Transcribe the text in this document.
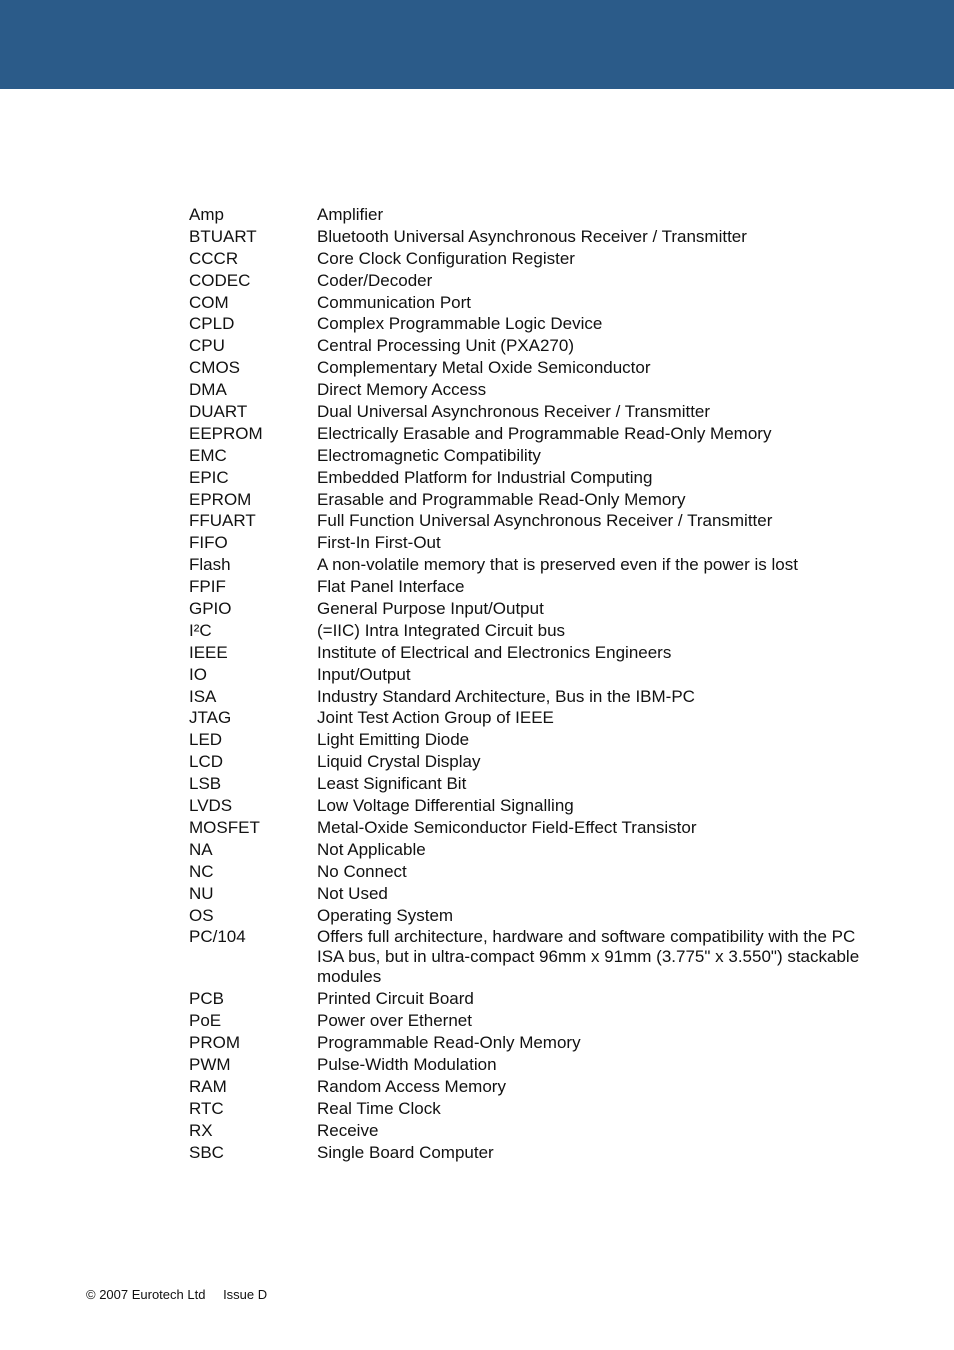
Amp	Amplifier
BTUART	Bluetooth Universal Asynchronous Receiver / Transmitter
CCCR	Core Clock Configuration Register
CODEC	Coder/Decoder
COM	Communication Port
CPLD	Complex Programmable Logic Device
CPU	Central Processing Unit (PXA270)
CMOS	Complementary Metal Oxide Semiconductor
DMA	Direct Memory Access
DUART	Dual Universal Asynchronous Receiver / Transmitter
EEPROM	Electrically Erasable and Programmable Read-Only Memory
EMC	Electromagnetic Compatibility
EPIC	Embedded Platform for Industrial Computing
EPROM	Erasable and Programmable Read-Only Memory
FFUART	Full Function Universal Asynchronous Receiver / Transmitter
FIFO	First-In First-Out
Flash	A non-volatile memory that is preserved even if the power is lost
FPIF	Flat Panel Interface
GPIO	General Purpose Input/Output
I²C	(=IIC) Intra Integrated Circuit bus
IEEE	Institute of Electrical and Electronics Engineers
IO	Input/Output
ISA	Industry Standard Architecture, Bus in the IBM-PC
JTAG	Joint Test Action Group of IEEE
LED	Light Emitting Diode
LCD	Liquid Crystal Display
LSB	Least Significant Bit
LVDS	Low Voltage Differential Signalling
MOSFET	Metal-Oxide Semiconductor Field-Effect Transistor
NA	Not Applicable
NC	No Connect
NU	Not Used
OS	Operating System
PC/104	Offers full architecture, hardware and software compatibility with the PC ISA bus, but in ultra-compact 96mm x 91mm (3.775" x 3.550") stackable modules
PCB	Printed Circuit Board
PoE	Power over Ethernet
PROM	Programmable Read-Only Memory
PWM	Pulse-Width Modulation
RAM	Random Access Memory
RTC	Real Time Clock
RX	Receive
SBC	Single Board Computer
© 2007 Eurotech Ltd Issue D
